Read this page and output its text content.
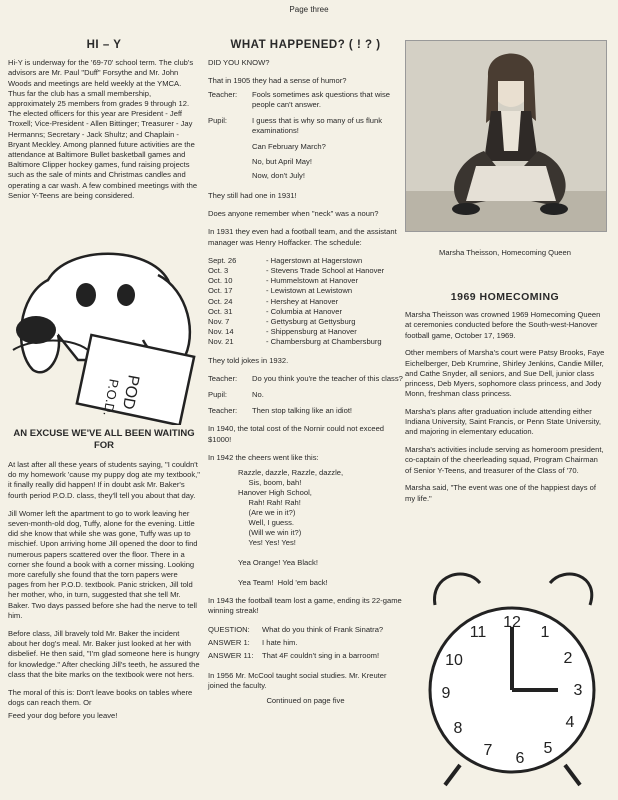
Page three
HI – Y

Hi-Y is underway for the '69-70' school term. The club's advisors are Mr. Paul "Duff" Forsythe and Mr. John Woods and meetings are held weekly at the YMCA. Thus far the club has a small membership, approximately 25 members from grades 9 through 12. The elected officers for this year are President - Jeff Troxell; Vice-President - Allen Bittinger; Treasurer - Jay Hermanns; Secretary - Jack Shultz; and Chaplain - Bryant Meckley. Among planned future activities are the attendance at Baltimore Bullet basketball games and Baltimore Clipper hockey games, fund raising projects such as the sale of mints and Christmas candles and operating a car wash. A few combined meetings with the Senior Y-Teens are being considered.

POD
P.O.D.
AN EXCUSE WE'VE ALL BEEN WAITING FOR

At last after all these years of students saying, "I couldn't do my homework 'cause my puppy dog ate my textbook," it finally really did happen! If in doubt ask Mr. Baker's fourth period P.O.D. class, they'll tell you about that day.

Jill Womer left the apartment to go to work leaving her seven-month-old dog, Tuffy, alone for the evening. Little did she know that while she was gone, Tuffy was up to mischief. Upon arriving home Jill opened the door to find numerous papers scattered over the floor. There in a corner she found a book with a corner missing. Looking more carefully she found that the torn papers were pages from her P.O.D. textbook. Panic stricken, Jill told her mother, who, in turn, suggested that she tell Mr. Baker. Two days passed before she had the nerve to tell him.

Before class, Jill bravely told Mr. Baker the incident about her dog's meal. Mr. Baker just looked at her with disbelief. He then said, "I'm glad someone here is hungry for knowledge." After checking Jill's teeth, he assured the class that the bite marks on the textbook were not hers.

The moral of this is: Don't leave books on tables where dogs can reach them. Or

Feed your dog before you leave!

WHAT HAPPENED? ( ! ? )

DID YOU KNOW?

That in 1905 they had a sense of humor?

Teacher:	Fools sometimes ask questions that wise people can't answer.
Pupil:	I guess that is why so many of us flunk examinations!
Can February March?
No, but April May!
Now, don't July!

They still had one in 1931!

Does anyone remember when "neck" was a noun?

In 1931 they even had a football team, and the assistant manager was Henry Hoffacker. The schedule:

Sept. 26	- Hagerstown at Hagerstown
Oct. 3	- Stevens Trade School at Hanover
Oct. 10	- Hummelstown at Hanover
Oct. 17	- Lewistown at Lewistown
Oct. 24	- Hershey at Hanover
Oct. 31	- Columbia at Hanover
Nov. 7	- Gettysburg at Gettysburg
Nov. 14	- Shippensburg at Hanover
Nov. 21	- Chambersburg at Chambersburg

They told jokes in 1932.

Teacher:	Do you think you're the teacher of this class?
Pupil:	No.
Teacher:	Then stop talking like an idiot!

In 1940, the total cost of the Nornir could not exceed $1000!

In 1942 the cheers went like this:

Razzle, dazzle, Razzle, dazzle,
Sis, boom, bah!
Hanover High School,
Rah! Rah! Rah!
(Are we in it?)
Well, I guess.
(Will we win it?)
Yes! Yes! Yes!

Yea Orange! Yea Black!

Yea Team!  Hold 'em back!

In 1943 the football team lost a game, ending its 22-game winning streak!

QUESTION:	What do you think of Frank Sinatra?
ANSWER 1:	I hate him.
ANSWER 11:	That 4F couldn't sing in a barroom!

In 1956 Mr. McCool taught social studies. Mr. Kreuter joined the faculty.

Continued on page five

Marsha Theisson, Homecoming Queen
1969 HOMECOMING

Marsha Theisson was crowned 1969 Homecoming Queen at ceremonies conducted before the South-west-Hanover football game, October 17, 1969.

Other members of Marsha's court were Patsy Brooks, Faye Eichelberger, Deb Krumrine, Shirley Jenkins, Candie Miller, and Cathe Snyder, all seniors, and Sue Dell, junior class princess, Deb Myers, sophomore class princess, and Jody Monn, freshman class princess.

Marsha's plans after graduation include attending either Indiana University, Saint Francis, or Penn State University, and majoring in elementary education.

Marsha's activities include serving as homeroom president, co-captain of the cheerleading squad, Program Chairman of Senior Y-Teens, and treasurer of the Class of '70.

Marsha said, "The event was one of the happiest days of my life."

12
1
2
3
4
5
6
7
8
9
10
11
